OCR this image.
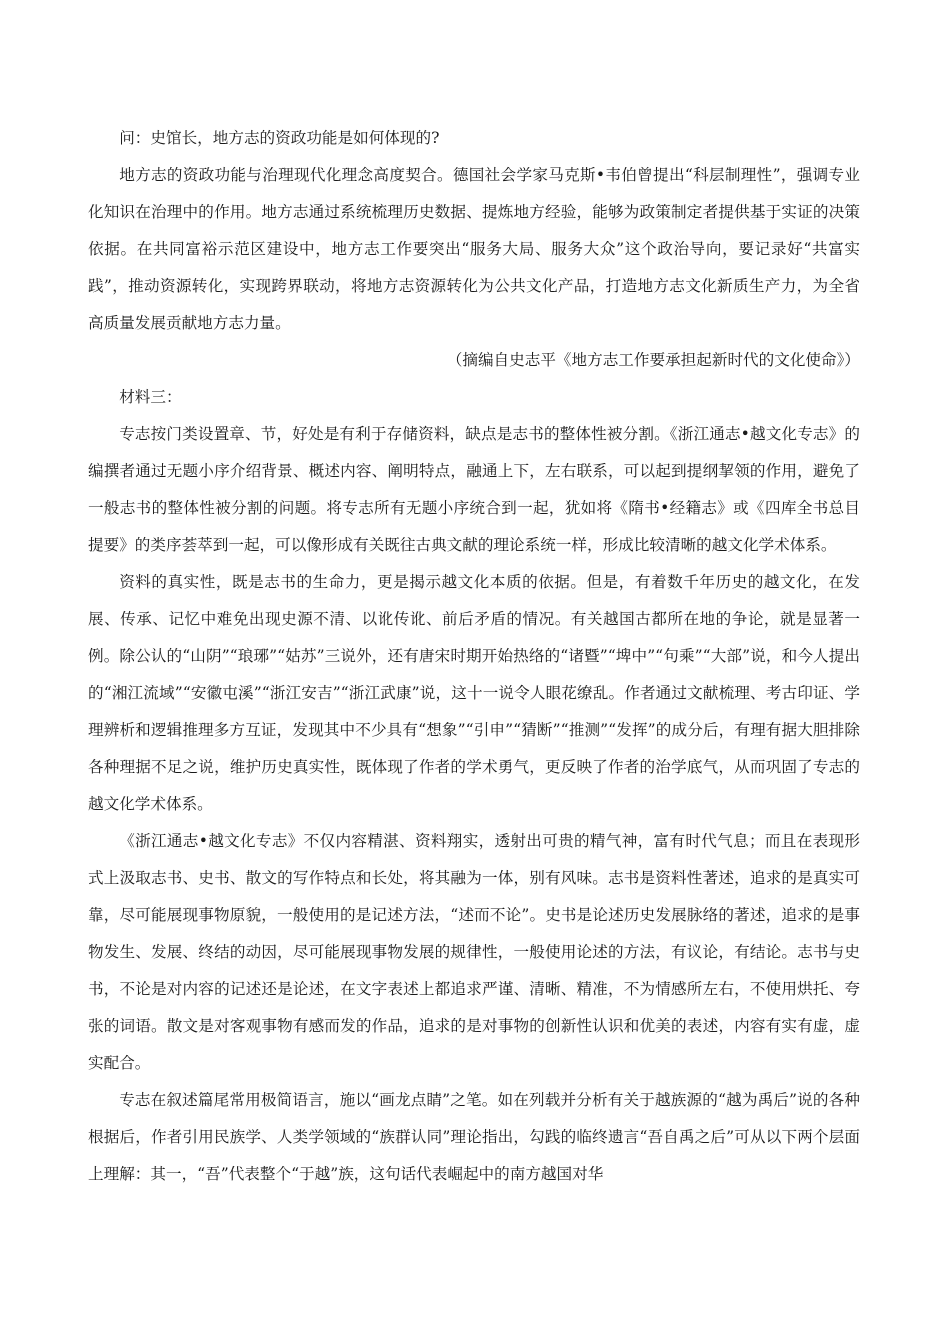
问：史馆长，地方志的资政功能是如何体现的?

地方志的资政功能与治理现代化理念高度契合。德国社会学家马克斯•韦伯曾提出“科层制理性”，强调专业化知识在治理中的作用。地方志通过系统梳理历史数据、提炼地方经验，能够为政策制定者提供基于实证的决策依据。在共同富裕示范区建设中，地方志工作要突出“服务大局、服务大众”这个政治导向，要记录好“共富实践”，推动资源转化，实现跨界联动，将地方志资源转化为公共文化产品，打造地方志文化新质生产力，为全省高质量发展贡献地方志力量。

（摘编自史志平《地方志工作要承担起新时代的文化使命》）

材料三：

专志按门类设置章、节，好处是有利于存储资料，缺点是志书的整体性被分割。《浙江通志•越文化专志》的编撰者通过无题小序介绍背景、概述内容、阐明特点，融通上下，左右联系，可以起到提纲挈领的作用，避免了一般志书的整体性被分割的问题。将专志所有无题小序统合到一起，犹如将《隋书•经籍志》或《四库全书总目提要》的类序荟萃到一起，可以像形成有关既往古典文献的理论系统一样，形成比较清晰的越文化学术体系。

资料的真实性，既是志书的生命力，更是揭示越文化本质的依据。但是，有着数千年历史的越文化，在发展、传承、记忆中难免出现史源不清、以讹传讹、前后矛盾的情况。有关越国古都所在地的争论，就是显著一例。除公认的“山阴”“琅琊”“姑苏”三说外，还有唐宋时期开始热络的“诸暨”“埤中”“句乘”“大部”说，和今人提出的“湘江流域”“安徽屯溪”“浙江安吉”“浙江武康”说，这十一说令人眼花缭乱。作者通过文献梳理、考古印证、学理辨析和逻辑推理多方互证，发现其中不少具有“想象”“引申”“猜断”“推测”“发挥”的成分后，有理有据大胆排除各种理据不足之说，维护历史真实性，既体现了作者的学术勇气，更反映了作者的治学底气，从而巩固了专志的越文化学术体系。

《浙江通志•越文化专志》不仅内容精湛、资料翔实，透射出可贵的精气神，富有时代气息；而且在表现形式上汲取志书、史书、散文的写作特点和长处，将其融为一体，别有风味。志书是资料性著述，追求的是真实可靠，尽可能展现事物原貌，一般使用的是记述方法，“述而不论”。史书是论述历史发展脉络的著述，追求的是事物发生、发展、终结的动因，尽可能展现事物发展的规律性，一般使用论述的方法，有议论，有结论。志书与史书，不论是对内容的记述还是论述，在文字表述上都追求严谨、清晰、精准，不为情感所左右，不使用烘托、夸张的词语。散文是对客观事物有感而发的作品，追求的是对事物的创新性认识和优美的表述，内容有实有虚，虚实配合。

专志在叙述篇尾常用极简语言，施以“画龙点睛”之笔。如在列载并分析有关于越族源的“越为禹后”说的各种根据后，作者引用民族学、人类学领域的“族群认同”理论指出，勾践的临终遗言“吾自禹之后”可从以下两个层面上理解：其一，“吾”代表整个“于越”族，这句话代表崛起中的南方越国对华
